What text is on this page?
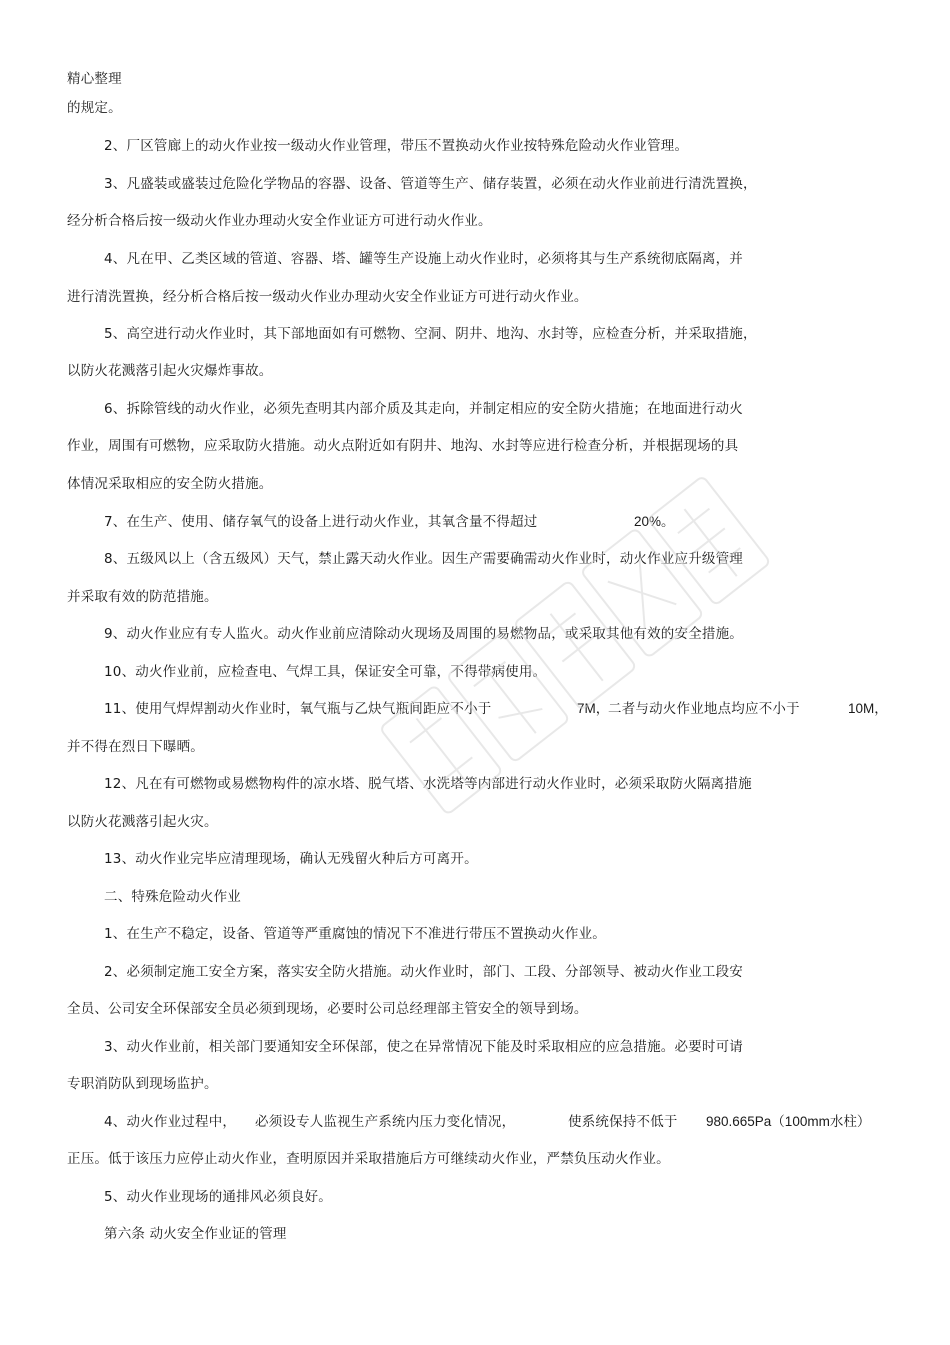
精心整理
的规定。
2、厂区管廊上的动火作业按一级动火作业管理，带压不置换动火作业按特殊危险动火作业管理。
3、凡盛装或盛装过危险化学物品的容器、设备、管道等生产、储存装置，必须在动火作业前进行清洗置换，
经分析合格后按一级动火作业办理动火安全作业证方可进行动火作业。
4、凡在甲、乙类区域的管道、容器、塔、罐等生产设施上动火作业时，必须将其与生产系统彻底隔离，并
进行清洗置换，经分析合格后按一级动火作业办理动火安全作业证方可进行动火作业。
5、高空进行动火作业时，其下部地面如有可燃物、空洞、阴井、地沟、水封等，应检查分析，并采取措施，
以防火花溅落引起火灾爆炸事故。
6、拆除管线的动火作业，必须先查明其内部介质及其走向，并制定相应的安全防火措施；在地面进行动火
作业，周围有可燃物，应采取防火措施。动火点附近如有阴井、地沟、水封等应进行检查分析，并根据现场的具
体情况采取相应的安全防火措施。
7、在生产、使用、储存氧气的设备上进行动火作业，其氧含量不得超过	20%。
8、五级风以上（含五级风）天气，禁止露天动火作业。因生产需要确需动火作业时，动火作业应升级管理
并采取有效的防范措施。
9、动火作业应有专人监火。动火作业前应清除动火现场及周围的易燃物品，或采取其他有效的安全措施。
10、动火作业前，应检查电、气焊工具，保证安全可靠，不得带病使用。
11、使用气焊焊割动火作业时，氧气瓶与乙炔气瓶间距应不小于	7M，
二者与动火作业地点均应不小于	10M，
并不得在烈日下曝晒。
12、凡在有可燃物或易燃物构件的凉水塔、脱气塔、水洗塔等内部进行动火作业时，必须采取防火隔离措施
以防火花溅落引起火灾。
13、动火作业完毕应清理现场，确认无残留火种后方可离开。
二、特殊危险动火作业
1、在生产不稳定，设备、管道等严重腐蚀的情况下不准进行带压不置换动火作业。
2、必须制定施工安全方案，落实安全防火措施。动火作业时，部门、工段、分部领导、被动火作业工段安
全员、公司安全环保部安全员必须到现场，必要时公司总经理部主管安全的领导到场。
3、动火作业前，相关部门要通知安全环保部，使之在异常情况下能及时采取相应的应急措施。必要时可请
专职消防队到现场监护。
4、动火作业过程中， 必须设专人监视生产系统内压力变化情况，	使系统保持不低于 980.665Pa（100mm水柱）
正压。低于该压力应停止动火作业，查明原因并采取措施后方可继续动火作业，严禁负压动火作业。
5、动火作业现场的通排风必须良好。
第六条 动火安全作业证的管理
